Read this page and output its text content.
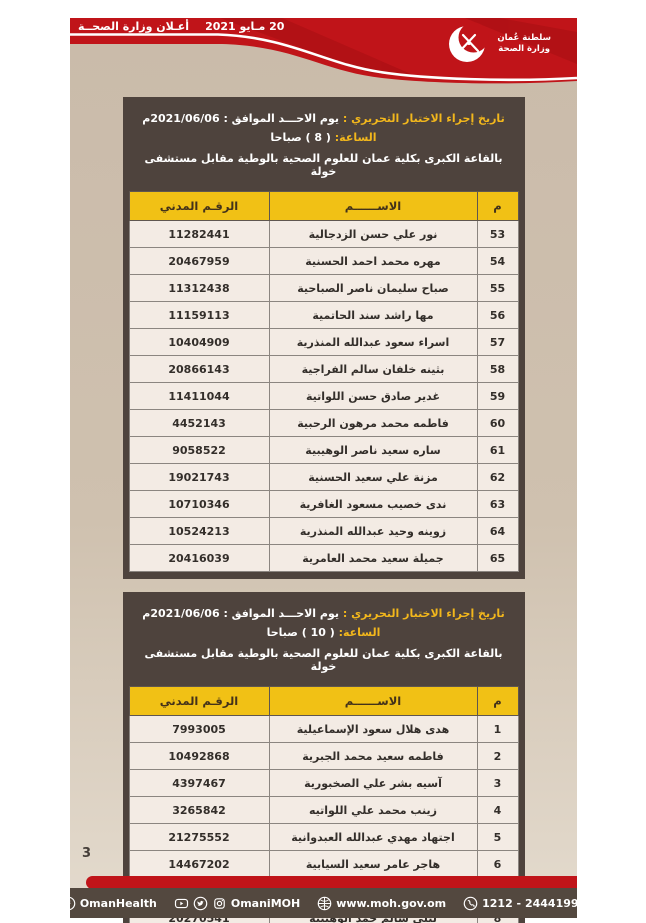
أعـلان وزارة الصحــة 20 مـايو 2021
سلطنة عُمان
وزارة الصحة
تاريخ إجراء الاختبار التحريري : يوم الاحـــد الموافق : 2021/06/06م
الساعة: ( 8 ) صباحا
بالقاعة الكبرى بكلية عمان للعلوم الصحية بالوطية مقابل مستشفى خولة
م	الاســــــم	الرقـم المدني
53	نور علي حسن الزدجالية	11282441
54	مهره محمد احمد الحسنية	20467959
55	صباح سليمان ناصر الصباحية	11312438
56	مها راشد سند الحاتمية	11159113
57	اسراء سعود عبدالله المنذرية	10404909
58	بثينه خلفان سالم الفراجية	20866143
59	غدير صادق حسن اللواتية	11411044
60	فاطمه محمد مرهون الرحبية	4452143
61	ساره سعيد ناصر الوهيبية	9058522
62	مزنة علي سعيد الحسنية	19021743
63	ندى خصيب مسعود الغافرية	10710346
64	زوينه وحيد عبدالله المنذرية	10524213
65	جميلة سعيد محمد العامرية	20416039
تاريخ إجراء الاختبار التحريري : يوم الاحـــد الموافق : 2021/06/06م
الساعة: ( 10 ) صباحا
بالقاعة الكبرى بكلية عمان للعلوم الصحية بالوطية مقابل مستشفى خولة
م	الاســــــم	الرقـم المدني
1	هدى هلال سعود الإسماعيلية	7993005
2	فاطمه سعيد محمد الجبرية	10492868
3	آسيه بشر علي الصخبورية	4397467
4	زينب محمد علي اللواتيه	3265842
5	اجتهاد مهدي عبدالله العبدوانية	21275552
6	هاجر عامر سعيد السيابية	14467202

3
OmanHealth	OmaniMOH	www.moh.gov.om	1212 - 24441999
